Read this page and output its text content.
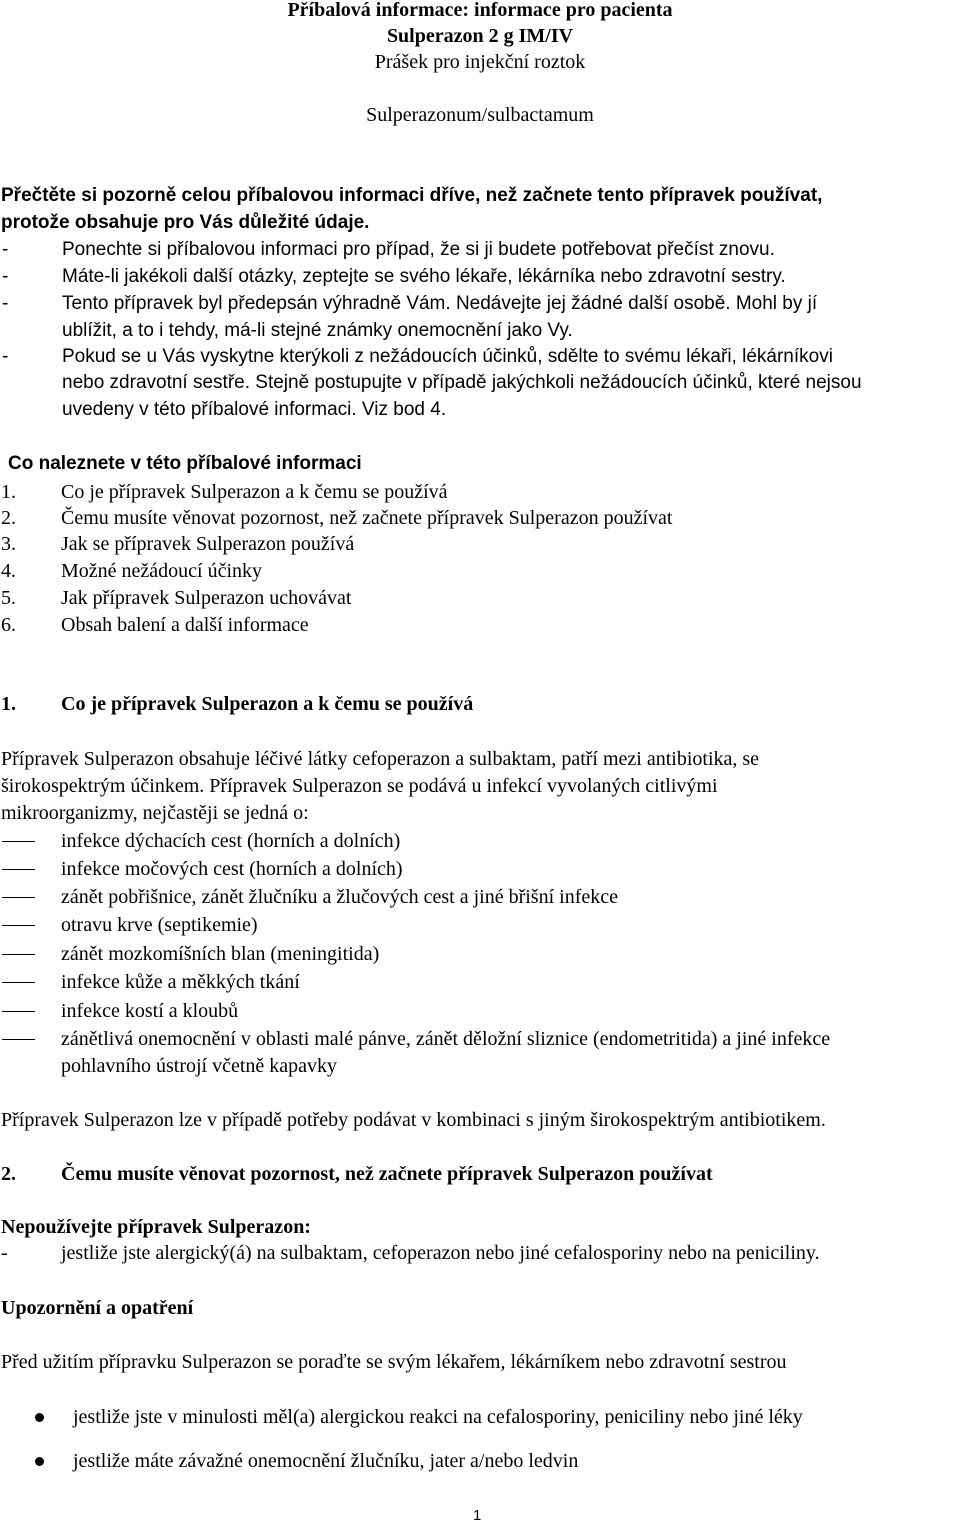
Příbalová informace: informace pro pacienta
Sulperazon 2 g IM/IV
Prášek pro injekční roztok
Sulperazonum/sulbactamum
Přečtěte si pozorně celou příbalovou informaci dříve, než začnete tento přípravek používat,
protože obsahuje pro Vás důležité údaje.
-	Ponechte si příbalovou informaci pro případ, že si ji budete potřebovat přečíst znovu.
-	Máte-li jakékoli další otázky, zeptejte se svého lékaře, lékárníka nebo zdravotní sestry.
-	Tento přípravek byl předepsán výhradně Vám. Nedávejte jej žádné další osobě. Mohl by jí
ublížit, a to i tehdy, má-li stejné známky onemocnění jako Vy.
-	Pokud se u Vás vyskytne kterýkoli z nežádoucích účinků, sdělte to svému lékaři, lékárníkovi
nebo zdravotní sestře. Stejně postupujte v případě jakýchkoli nežádoucích účinků, které nejsou
uvedeny v této příbalové informaci. Viz bod 4.
Co naleznete v této příbalové informaci
1. Co je přípravek Sulperazon a k čemu se používá
2. Čemu musíte věnovat pozornost, než začnete přípravek Sulperazon používat
3. Jak se přípravek Sulperazon používá
4. Možné nežádoucí účinky
5. Jak přípravek Sulperazon uchovávat
6. Obsah balení a další informace
1. Co je přípravek Sulperazon a k čemu se používá
Přípravek Sulperazon obsahuje léčivé látky cefoperazon a sulbaktam, patří mezi antibiotika, se
širokospektrým účinkem. Přípravek Sulperazon se podává u infekcí vyvolaných citlivými
mikroorganizmy, nejčastěji se jedná o:
infekce dýchacích cest (horních a dolních)
infekce močových cest (horních a dolních)
zánět pobřišnice, zánět žlučníku a žlučových cest a jiné břišní infekce
otravu krve (septikemie)
zánět mozkomíšních blan (meningitida)
infekce kůže a měkkých tkání
infekce kostí a kloubů
zánětlivá onemocnění v oblasti malé pánve, zánět děložní sliznice (endometritida) a jiné infekce
pohlavního ústrojí včetně kapavky
Přípravek Sulperazon lze v případě potřeby podávat v kombinaci s jiným širokospektrým antibiotikem.
2. Čemu musíte věnovat pozornost, než začnete přípravek Sulperazon používat
Nepoužívejte přípravek Sulperazon:
-	jestliže jste alergický(á) na sulbaktam, cefoperazon nebo jiné cefalosporiny nebo na peniciliny.
Upozornění a opatření
Před užitím přípravku Sulperazon se poraďte se svým lékařem, lékárníkem nebo zdravotní sestrou
jestliže jste v minulosti měl(a) alergickou reakci na cefalosporiny, peniciliny nebo jiné léky
jestliže máte závažné onemocnění žlučníku, jater a/nebo ledvin
1
